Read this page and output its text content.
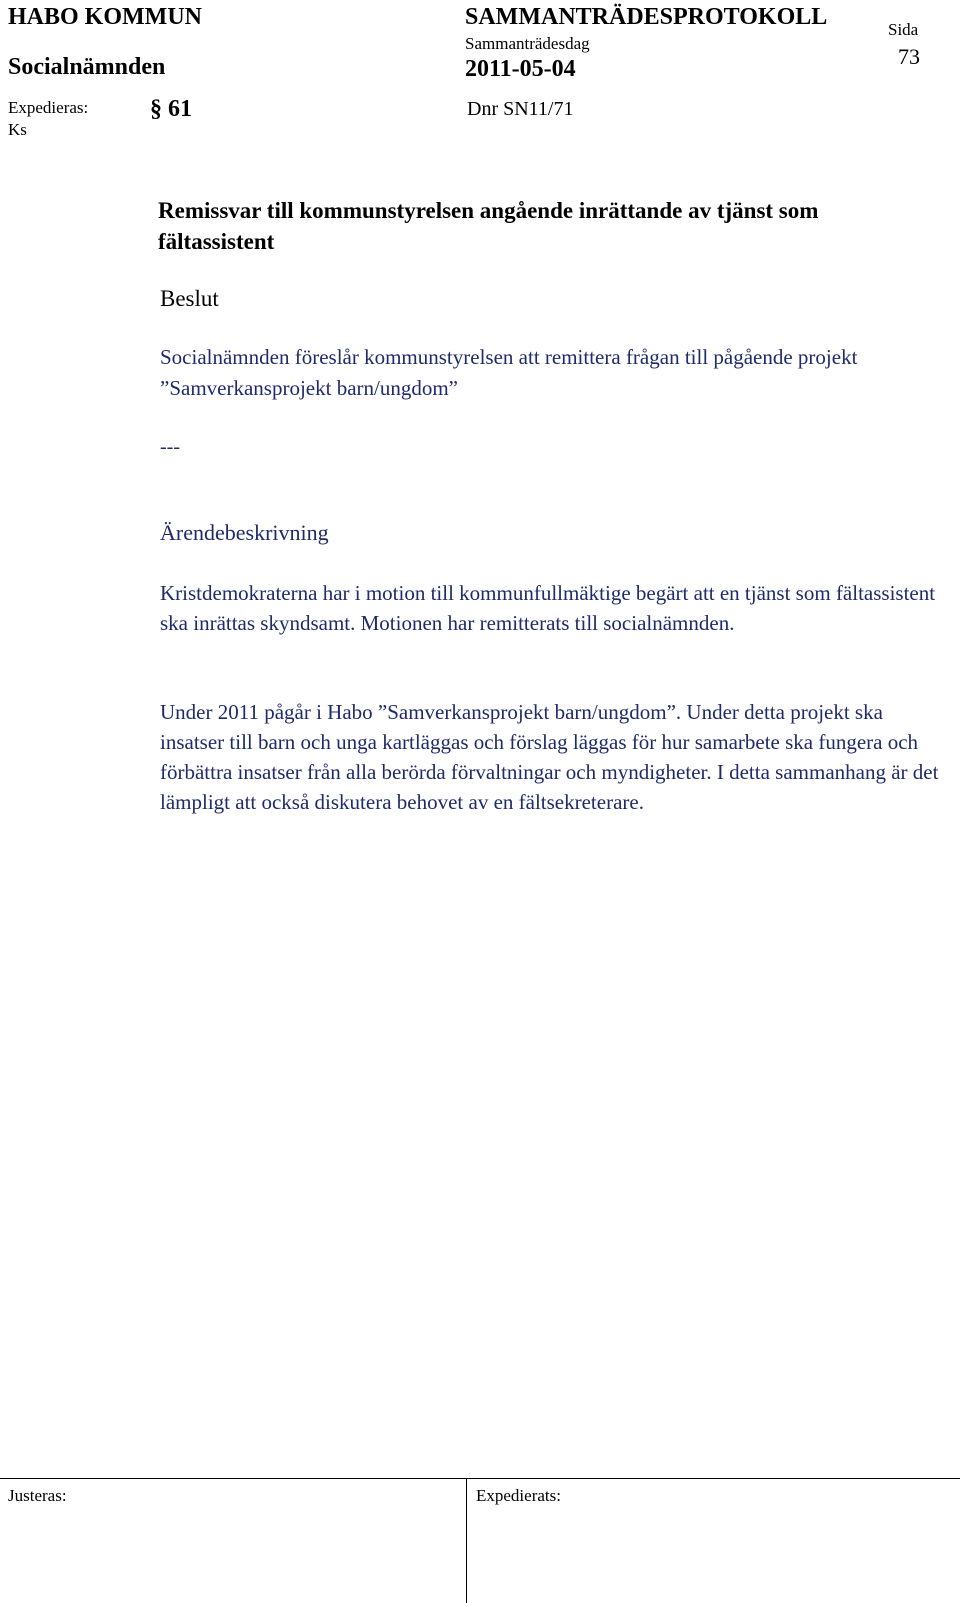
HABO KOMMUN
Socialnämnden
SAMMANTRÄDESPROTOKOLL
Sammanträdesdag
2011-05-04
Sida
73
Expedieras:
Ks
§ 61	Dnr SN11/71
Remissvar till kommunstyrelsen angående inrättande av tjänst som fältassistent
Beslut
Socialnämnden föreslår kommunstyrelsen att remittera frågan till pågående projekt ”Samverkansprojekt barn/ungdom”
---
Ärendebeskrivning
Kristdemokraterna har i motion till kommunfullmäktige begärt att en tjänst som fältassistent ska inrättas skyndsamt. Motionen har remitterats till socialnämnden.
Under 2011 pågår i Habo ”Samverkansprojekt barn/ungdom”. Under detta projekt ska insatser till barn och unga kartläggas och förslag läggas för hur samarbete ska fungera och förbättra insatser från alla berörda förvaltningar och myndigheter. I detta sammanhang är det lämpligt att också diskutera behovet av en fältsekreterare.
Justeras:	Expedierats:
